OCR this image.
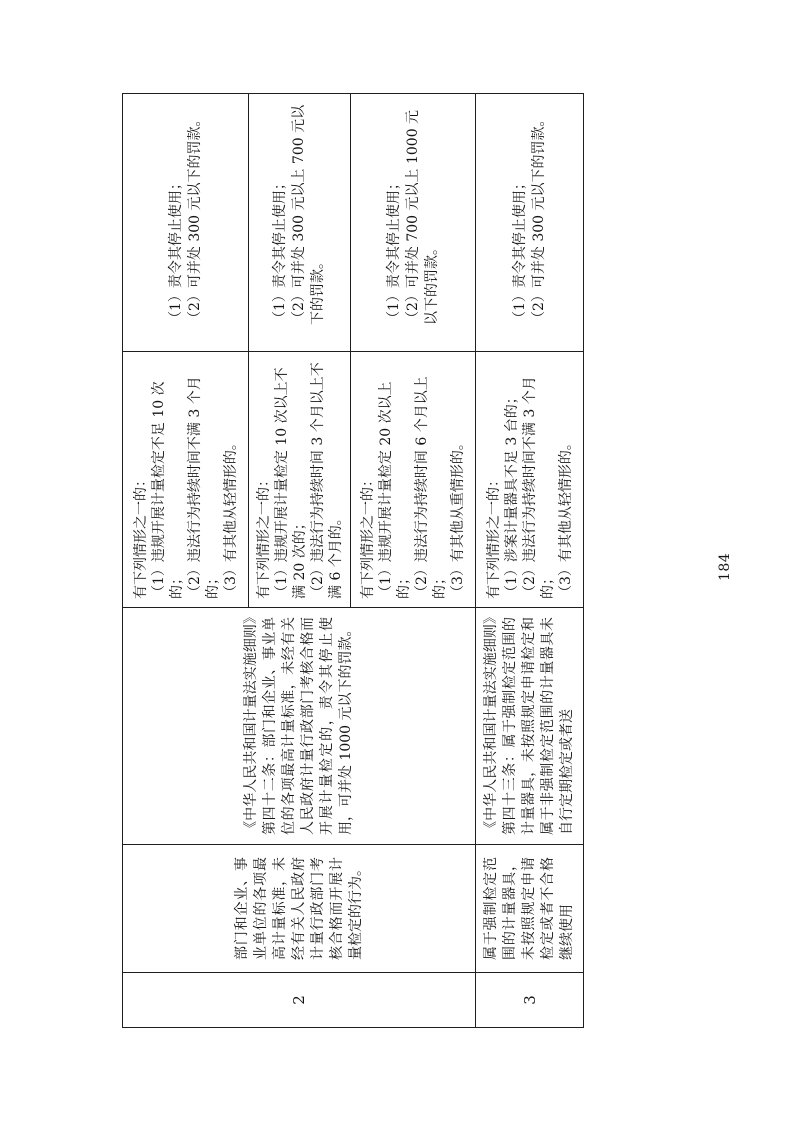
2
部门和企业、事业单位的各项最高计量标准，未经有关人民政府计量行政部门考核合格而开展计量检定的行为。
《中华人民共和国计量法实施细则》第四十二条：部门和企业、事业单位的各项最高计量标准，未经有关人民政府计量行政部门考核合格而开展计量检定的，责令其停止使用，可并处 1000 元以下的罚款。
有下列情形之一的： （1）违规开展计量检定不足 10 次的； （2）违法行为持续时间不满 3 个月的； （3）有其他从轻情形的。
（1）责令其停止使用； （2）可并处 300 元以下的罚款。
有下列情形之一的： （1）违规开展计量检定 10 次以上不满 20 次的； （2）违法行为持续时间 3 个月以上不满 6 个月的。
（1）责令其停止使用； （2）可并处 300 元以上 700 元以下的罚款。
有下列情形之一的： （1）违规开展计量检定 20 次以上的； （2）违法行为持续时间 6 个月以上的； （3）有其他从重情形的。
（1）责令其停止使用； （2）可并处 700 元以上 1000 元以下的罚款。
3
属于强制检定范围的计量器具，未按照规定申请检定或者不合格继续使用
《中华人民共和国计量法实施细则》第四十三条：属于强制检定范围的计量器具，未按照规定申请检定和属于非强制检定范围的计量器具未自行定期检定或者送
有下列情形之一的： （1）涉案计量器具不足 3 台的； （2）违法行为持续时间不满 3 个月的； （3）有其他从轻情形的。
（1）责令其停止使用； （2）可并处 300 元以下的罚款。
184
